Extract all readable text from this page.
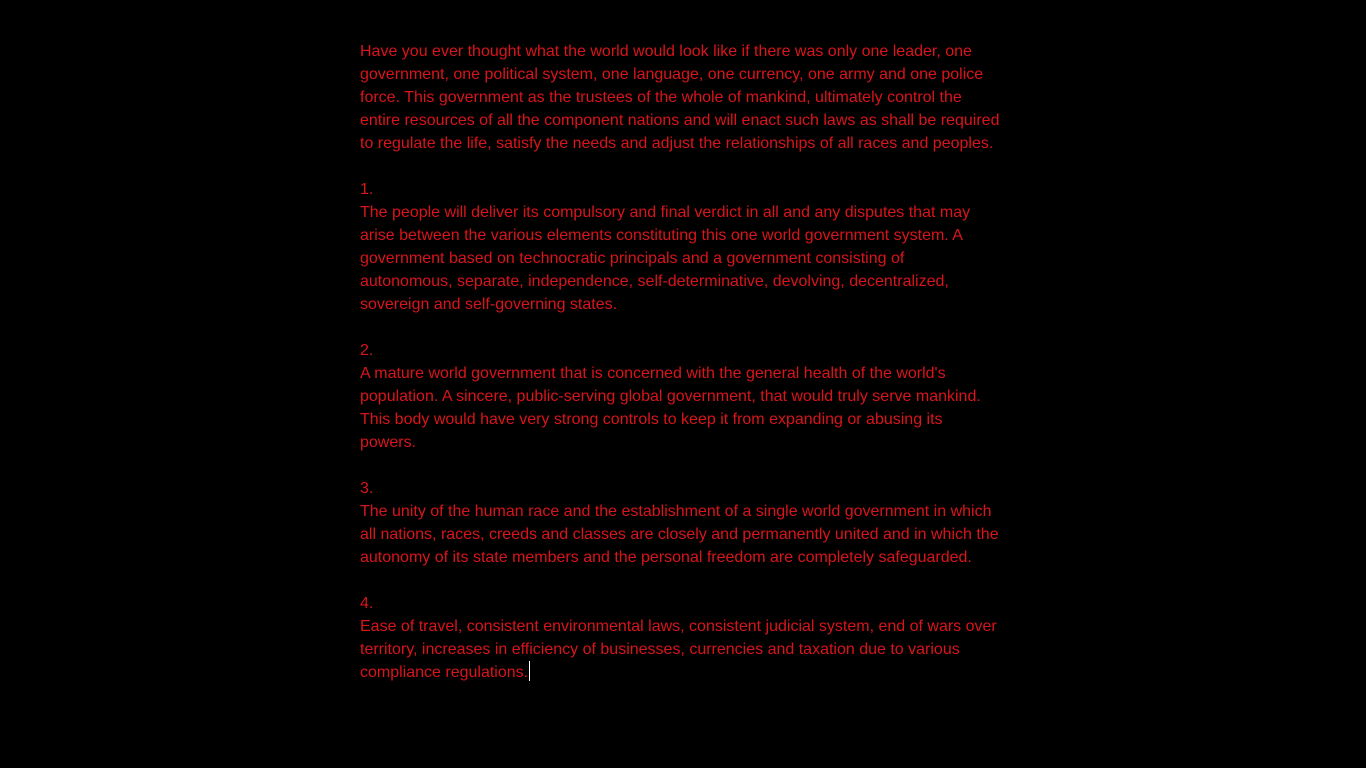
Have you ever thought what the world would look like if there was only one leader, one government, one political system, one language, one currency, one army and one police force. This government as the trustees of the whole of mankind, ultimately control the entire resources of all the component nations and will enact such laws as shall be required to regulate the life, satisfy the needs and adjust the relationships of all races and peoples.

1.
The people will deliver its compulsory and final verdict in all and any disputes that may arise between the various elements constituting this one world government system. A government based on technocratic principals and a government consisting of autonomous, separate, independence, self-determinative, devolving, decentralized, sovereign and self-governing states.
2.
A mature world government that is concerned with the general health of the world's population. A sincere, public-serving global government, that would truly serve mankind. This body would have very strong controls to keep it from expanding or abusing its powers.
3.
The unity of the human race and the establishment of a single world government in which all nations, races, creeds and classes are closely and permanently united and in which the autonomy of its state members and the personal freedom are completely safeguarded.
4.
Ease of travel, consistent environmental laws, consistent judicial system, end of wars over territory, increases in efficiency of businesses, currencies and taxation due to various compliance regulations.
